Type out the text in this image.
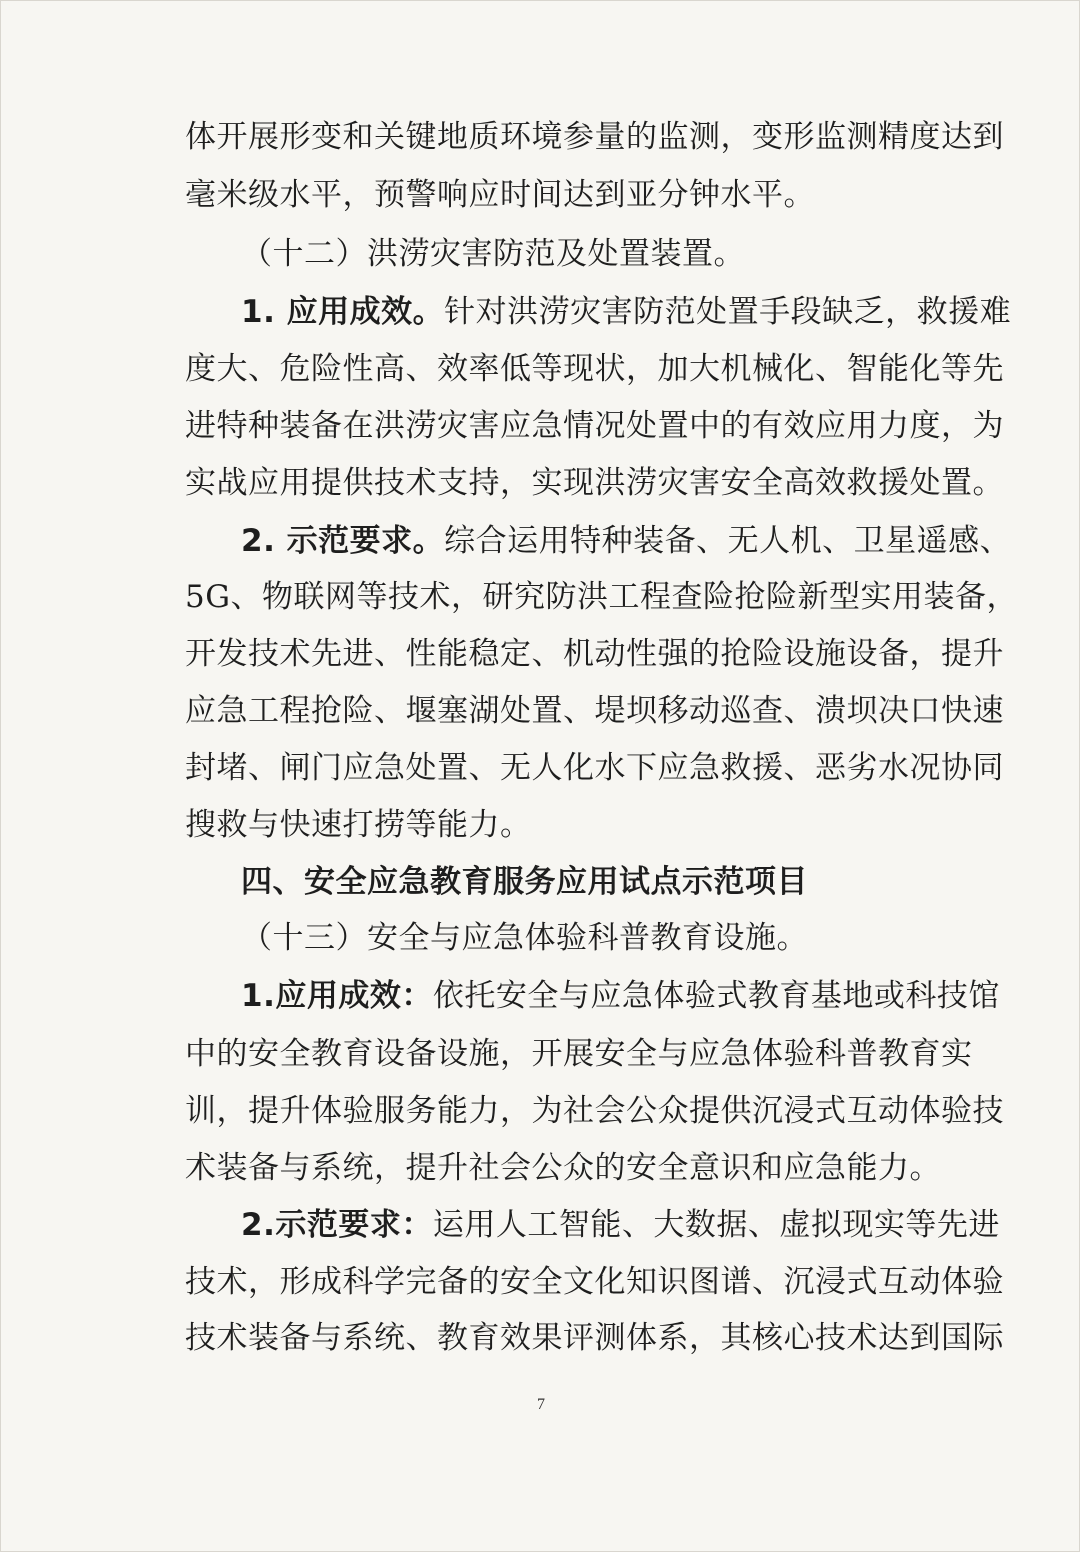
体开展形变和关键地质环境参量的监测，变形监测精度达到
毫米级水平，预警响应时间达到亚分钟水平。
（十二）洪涝灾害防范及处置装置。
1. 应用成效。针对洪涝灾害防范处置手段缺乏，救援难
度大、危险性高、效率低等现状，加大机械化、智能化等先
进特种装备在洪涝灾害应急情况处置中的有效应用力度，为
实战应用提供技术支持，实现洪涝灾害安全高效救援处置。
2. 示范要求。综合运用特种装备、无人机、卫星遥感、
5G、物联网等技术，研究防洪工程查险抢险新型实用装备，
开发技术先进、性能稳定、机动性强的抢险设施设备，提升
应急工程抢险、堰塞湖处置、堤坝移动巡查、溃坝决口快速
封堵、闸门应急处置、无人化水下应急救援、恶劣水况协同
搜救与快速打捞等能力。
四、安全应急教育服务应用试点示范项目
（十三）安全与应急体验科普教育设施。
1.应用成效：依托安全与应急体验式教育基地或科技馆
中的安全教育设备设施，开展安全与应急体验科普教育实
训，提升体验服务能力，为社会公众提供沉浸式互动体验技
术装备与系统，提升社会公众的安全意识和应急能力。
2.示范要求：运用人工智能、大数据、虚拟现实等先进
技术，形成科学完备的安全文化知识图谱、沉浸式互动体验
技术装备与系统、教育效果评测体系，其核心技术达到国际
7
